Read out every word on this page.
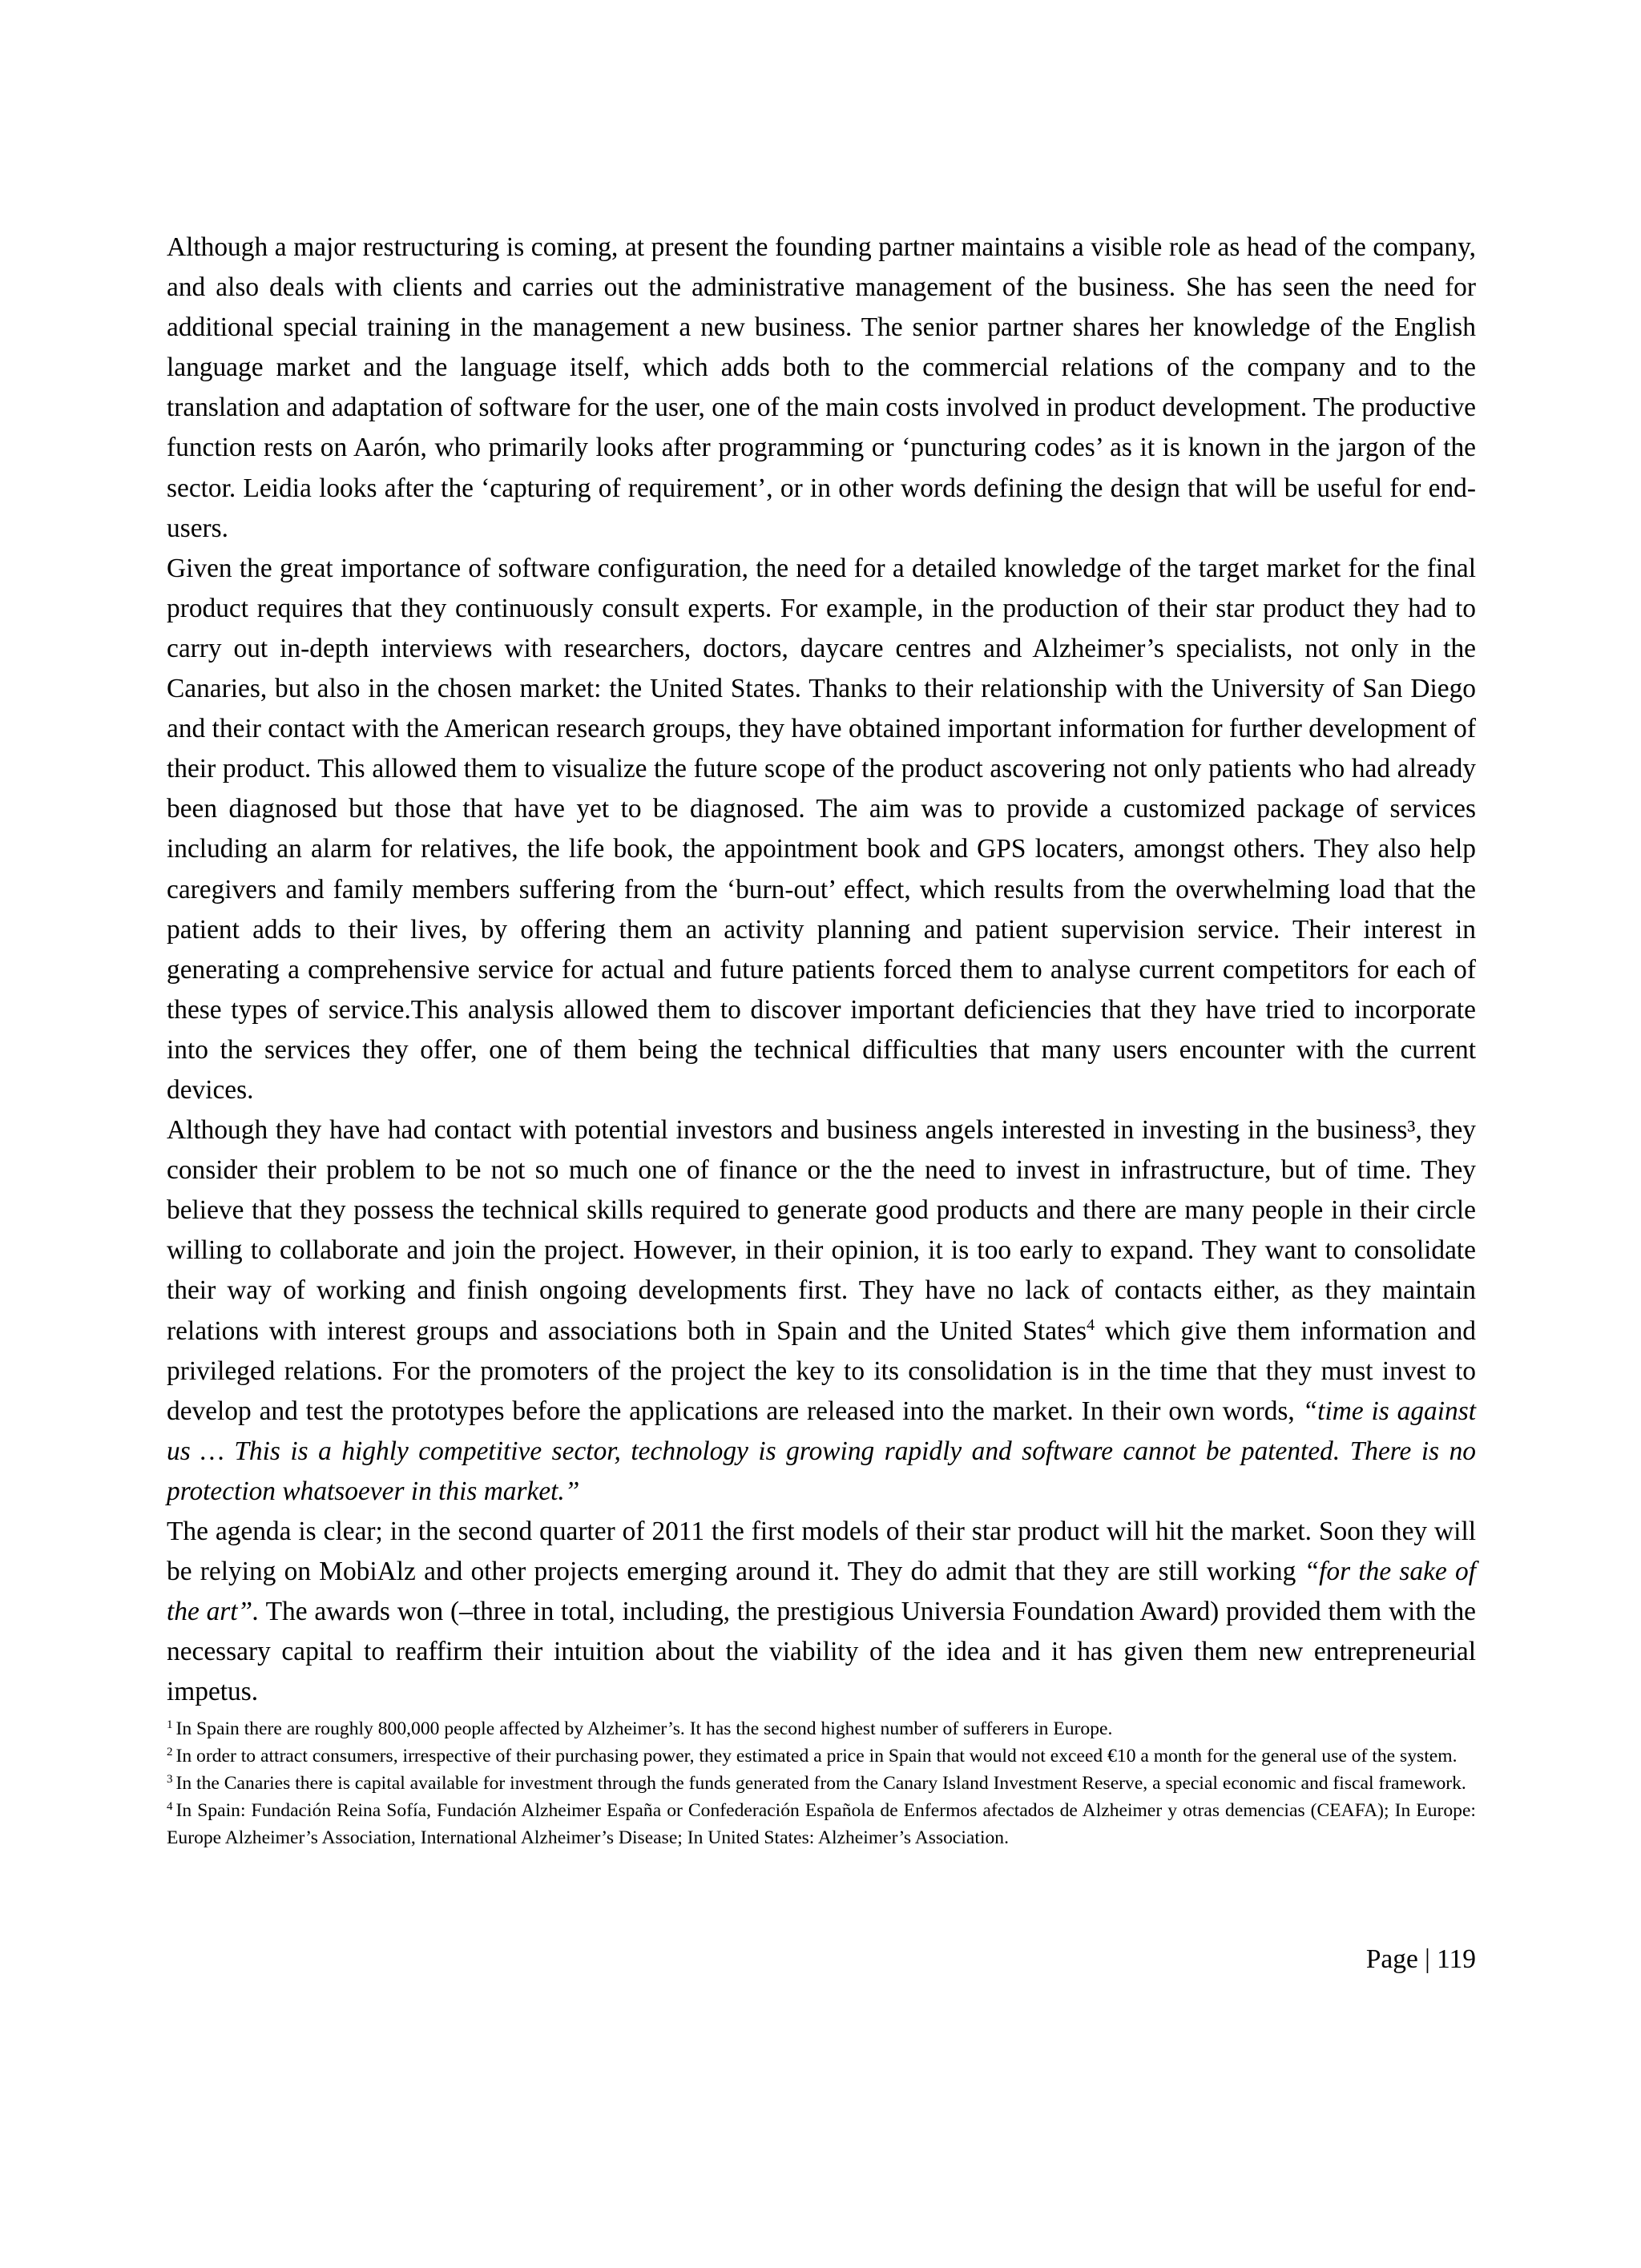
Although a major restructuring is coming, at present the founding partner maintains a visible role as head of the company, and also deals with clients and carries out the administrative management of the business. She has seen the need for additional special training in the management a new business. The senior partner shares her knowledge of the English language market and the language itself, which adds both to the commercial relations of the company and to the translation and adaptation of software for the user, one of the main costs involved in product development. The productive function rests on Aarón, who primarily looks after programming or ‘puncturing codes’ as it is known in the jargon of the sector. Leidia looks after the ‘capturing of requirement’, or in other words defining the design that will be useful for end-users.

Given the great importance of software configuration, the need for a detailed knowledge of the target market for the final product requires that they continuously consult experts. For example, in the production of their star product they had to carry out in-depth interviews with researchers, doctors, daycare centres and Alzheimer’s specialists, not only in the Canaries, but also in the chosen market: the United States. Thanks to their relationship with the University of San Diego and their contact with the American research groups, they have obtained important information for further development of their product. This allowed them to visualize the future scope of the product ascovering not only patients who had already been diagnosed but those that have yet to be diagnosed. The aim was to provide a customized package of services including an alarm for relatives, the life book, the appointment book and GPS locaters, amongst others. They also help caregivers and family members suffering from the ‘burn-out’ effect, which results from the overwhelming load that the patient adds to their lives, by offering them an activity planning and patient supervision service. Their interest in generating a comprehensive service for actual and future patients forced them to analyse current competitors for each of these types of service.This analysis allowed them to discover important deficiencies that they have tried to incorporate into the services they offer, one of them being the technical difficulties that many users encounter with the current devices.

Although they have had contact with potential investors and business angels interested in investing in the business³, they consider their problem to be not so much one of finance or the the need to invest in infrastructure, but of time. They believe that they possess the technical skills required to generate good products and there are many people in their circle willing to collaborate and join the project. However, in their opinion, it is too early to expand. They want to consolidate their way of working and finish ongoing developments first. They have no lack of contacts either, as they maintain relations with interest groups and associations both in Spain and the United States$^4$ which give them information and privileged relations. For the promoters of the project the key to its consolidation is in the time that they must invest to develop and test the prototypes before the applications are released into the market. In their own words, “time is against us … This is a highly competitive sector, technology is growing rapidly and software cannot be patented. There is no protection whatsoever in this market.”

The agenda is clear; in the second quarter of 2011 the first models of their star product will hit the market. Soon they will be relying on MobiAlz and other projects emerging around it. They do admit that they are still working “for the sake of the art”. The awards won (–three in total, including, the prestigious Universia Foundation Award) provided them with the necessary capital to reaffirm their intuition about the viability of the idea and it has given them new entrepreneurial impetus.

$^1$ In Spain there are roughly 800,000 people affected by Alzheimer’s. It has the second highest number of sufferers in Europe.

$^2$ In order to attract consumers, irrespective of their purchasing power, they estimated a price in Spain that would not exceed €10 a month for the general use of the system.

$^3$ In the Canaries there is capital available for investment through the funds generated from the Canary Island Investment Reserve, a special economic and fiscal framework.

$^4$ In Spain: Fundación Reina Sofía, Fundación Alzheimer España or Confederación Española de Enfermos afectados de Alzheimer y otras demencias (CEAFA); In Europe: Europe Alzheimer’s Association, International Alzheimer’s Disease; In United States: Alzheimer’s Association.

Page | 119
